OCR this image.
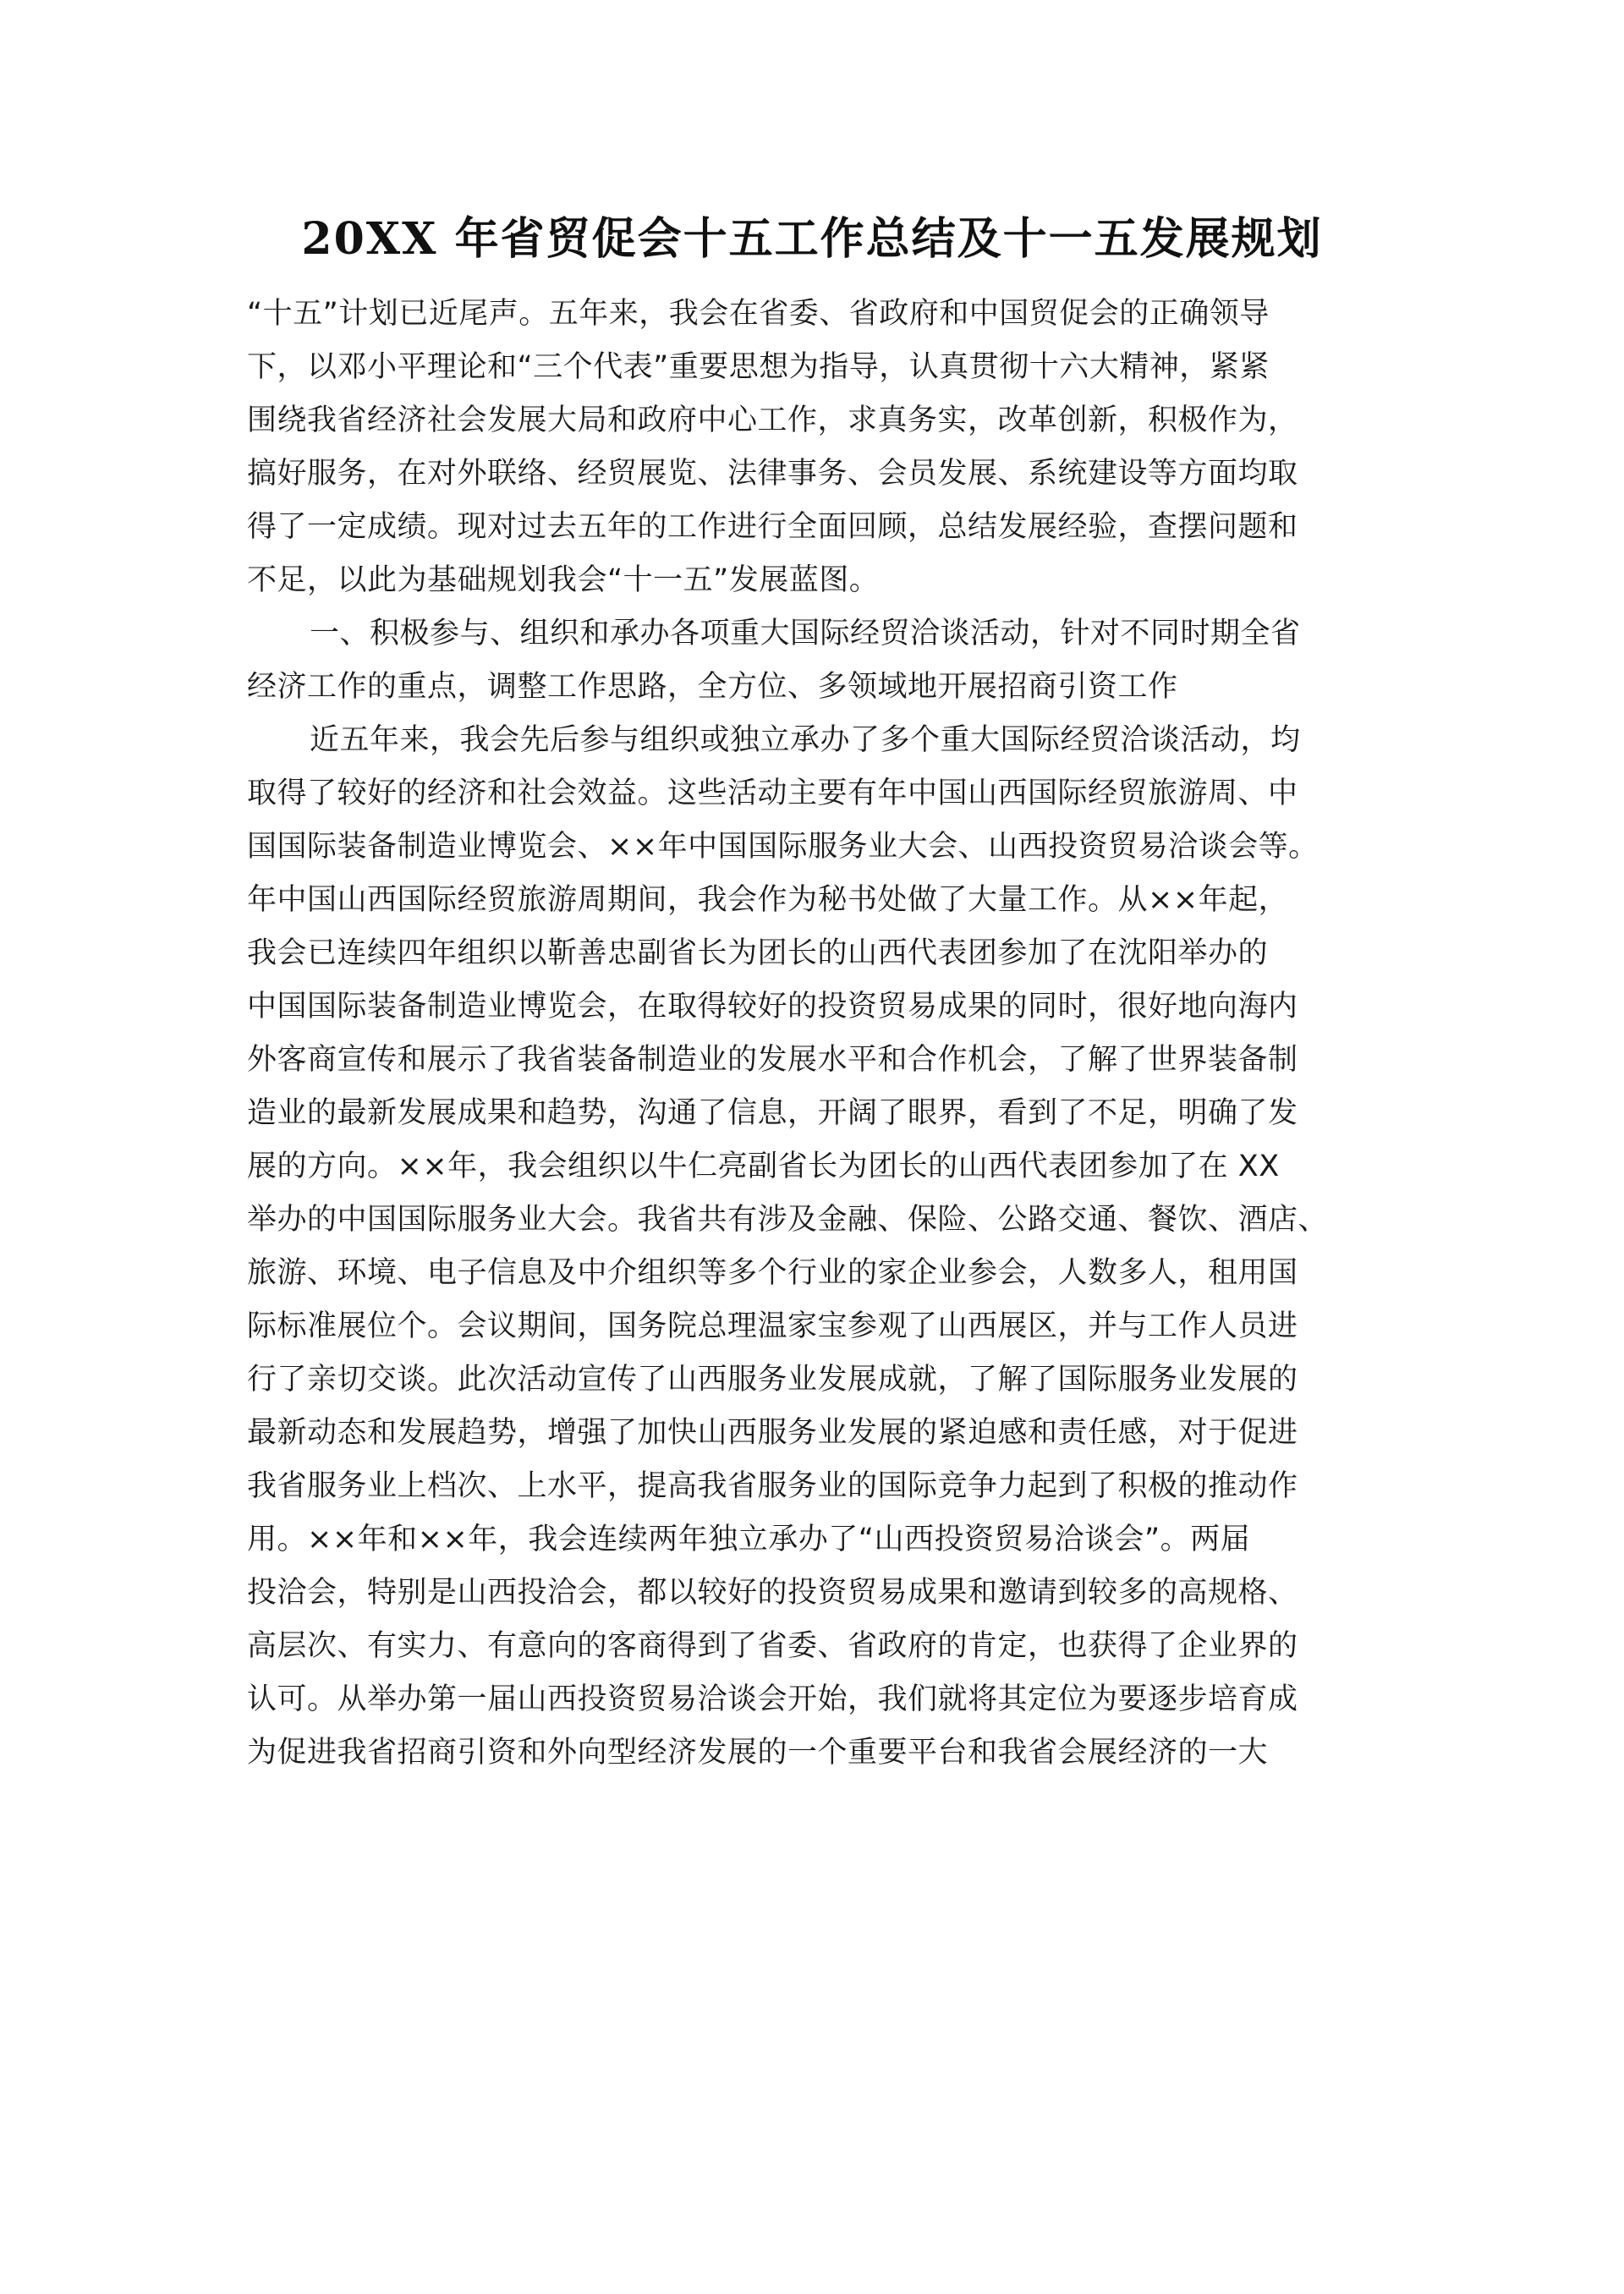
20XX 年省贸促会十五工作总结及十一五发展规划
“十五”计划已近尾声。五年来，我会在省委、省政府和中国贸促会的正确领导
下，以邓小平理论和“三个代表”重要思想为指导，认真贯彻十六大精神，紧紧
围绕我省经济社会发展大局和政府中心工作，求真务实，改革创新，积极作为，
搞好服务，在对外联络、经贸展览、法律事务、会员发展、系统建设等方面均取
得了一定成绩。现对过去五年的工作进行全面回顾，总结发展经验，查摆问题和
不足，以此为基础规划我会“十一五”发展蓝图。
一、积极参与、组织和承办各项重大国际经贸洽谈活动，针对不同时期全省
经济工作的重点，调整工作思路，全方位、多领域地开展招商引资工作
近五年来，我会先后参与组织或独立承办了多个重大国际经贸洽谈活动，均
取得了较好的经济和社会效益。这些活动主要有年中国山西国际经贸旅游周、中
国国际装备制造业博览会、××年中国国际服务业大会、山西投资贸易洽谈会等。
年中国山西国际经贸旅游周期间，我会作为秘书处做了大量工作。从××年起，
我会已连续四年组织以靳善忠副省长为团长的山西代表团参加了在沈阳举办的
中国国际装备制造业博览会，在取得较好的投资贸易成果的同时，很好地向海内
外客商宣传和展示了我省装备制造业的发展水平和合作机会，了解了世界装备制
造业的最新发展成果和趋势，沟通了信息，开阔了眼界，看到了不足，明确了发
展的方向。××年，我会组织以牛仁亮副省长为团长的山西代表团参加了在 XX
举办的中国国际服务业大会。我省共有涉及金融、保险、公路交通、餐饮、酒店、
旅游、环境、电子信息及中介组织等多个行业的家企业参会，人数多人，租用国
际标准展位个。会议期间，国务院总理温家宝参观了山西展区，并与工作人员进
行了亲切交谈。此次活动宣传了山西服务业发展成就，了解了国际服务业发展的
最新动态和发展趋势，增强了加快山西服务业发展的紧迫感和责任感，对于促进
我省服务业上档次、上水平，提高我省服务业的国际竞争力起到了积极的推动作
用。××年和××年，我会连续两年独立承办了“山西投资贸易洽谈会”。两届
投洽会，特别是山西投洽会，都以较好的投资贸易成果和邀请到较多的高规格、
高层次、有实力、有意向的客商得到了省委、省政府的肯定，也获得了企业界的
认可。从举办第一届山西投资贸易洽谈会开始，我们就将其定位为要逐步培育成
为促进我省招商引资和外向型经济发展的一个重要平台和我省会展经济的一大
